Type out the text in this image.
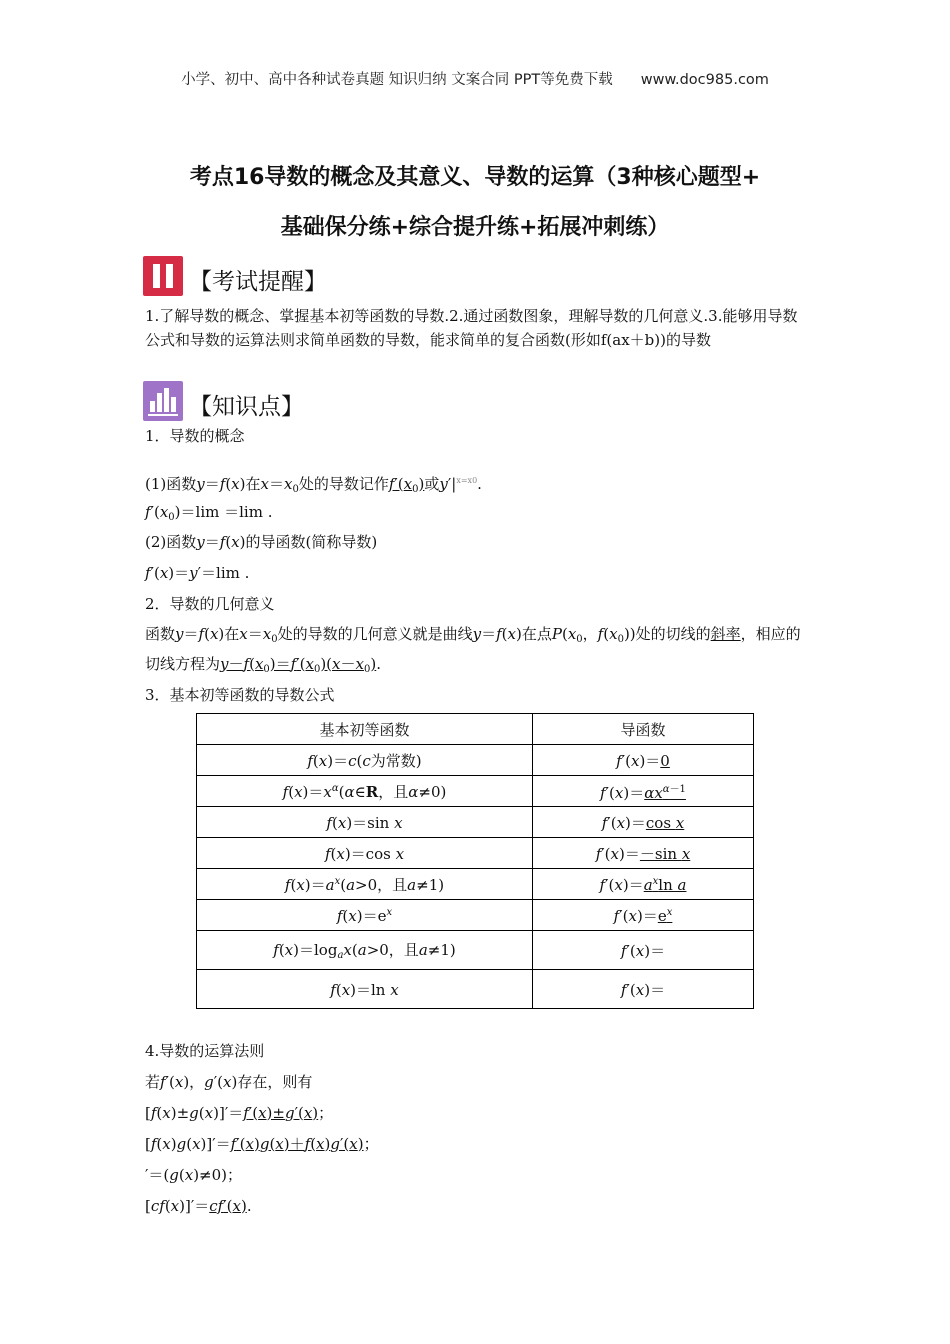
小学、初中、高中各种试卷真题 知识归纳 文案合同 PPT等免费下载 www.doc985.com
考点16导数的概念及其意义、导数的运算（3种核心题型+
基础保分练+综合提升练+拓展冲刺练）
【考试提醒】

1.了解导数的概念、掌握基本初等函数的导数.2.通过函数图象，理解导数的几何意义.3.能够用导数公式和导数的运算法则求简单函数的导数，能求简单的复合函数(形如f(ax＋b))的导数

【知识点】

1．导数的概念

(1)函数y＝f(x)在$x=x_0$处的导数记作$f'(x_0)$或$y'|^{x=x0}$.

$f'(x_0)=\lim =\lim$ .

(2)函数y＝f(x)的导函数(简称导数)

f′(x)＝y′＝lim .

2．导数的几何意义

函数y＝f(x)在$x=x_0$处的导数的几何意义就是曲线y＝f(x)在点$P(x_0$，$f(x_0)$)处的切线的斜率，相应的切线方程为$y-f(x_0)=f'(x_0)(x-x_0)$.

3．基本初等函数的导数公式

基本初等函数	导函数
f(x)＝c(c为常数)	f′(x)＝0
$f(x)=x^\alpha(\alpha\in R$，且α≠0)	$f'(x)=\alpha x^{\alpha-1}$
f(x)＝sin x	f′(x)＝cos x
f(x)＝cos x	f′(x)＝－sin x
$f(x)=a^x(a>0$，且a≠1)	$f'(x)=a^x\ln$ a
$f(x)=e^x$	$f'(x)=e^x$
$f(x)=\log_ax(a>0$，且a≠1)	f′(x)＝
f(x)＝ln x	f′(x)＝

4.导数的运算法则

若f′(x)，g′(x)存在，则有

[f(x)±g(x)]′＝f′(x)±g′(x)；

[f(x)g(x)]′＝f′(x)g(x)＋f(x)g′(x)；

′＝(g(x)≠0)；

[cf(x)]′＝cf′(x).
